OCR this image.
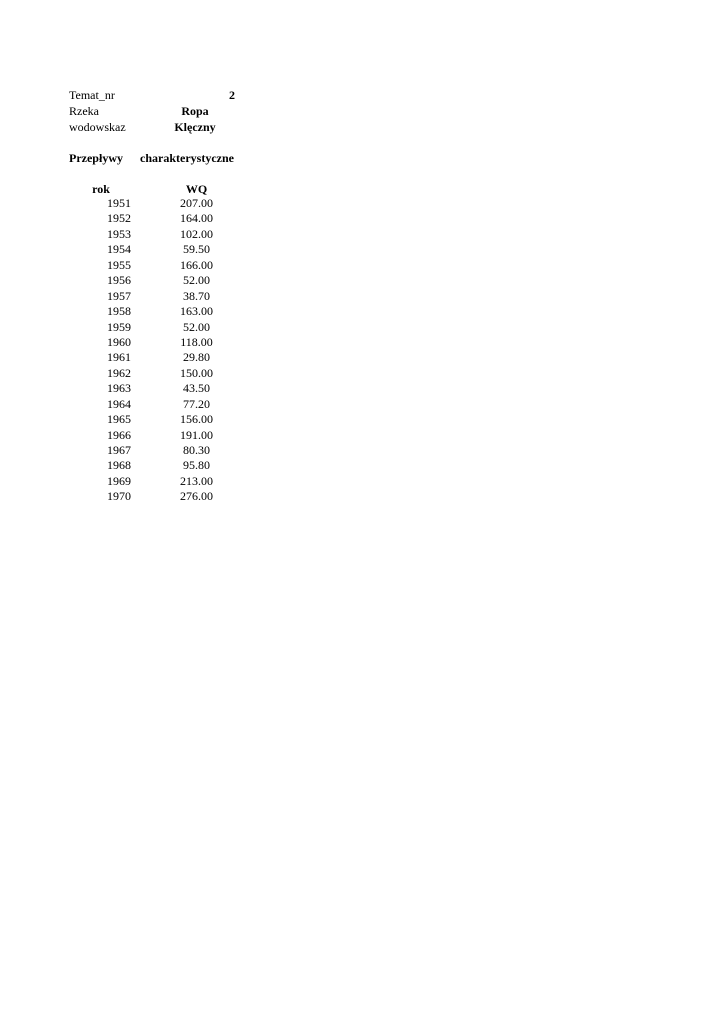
Temat_nr	2
Rzeka	Ropa
wodowskaz	Klęczny
Przepływy charakterystyczne
rok	WQ
1951	207.00
1952	164.00
1953	102.00
1954	59.50
1955	166.00
1956	52.00
1957	38.70
1958	163.00
1959	52.00
1960	118.00
1961	29.80
1962	150.00
1963	43.50
1964	77.20
1965	156.00
1966	191.00
1967	80.30
1968	95.80
1969	213.00
1970	276.00
